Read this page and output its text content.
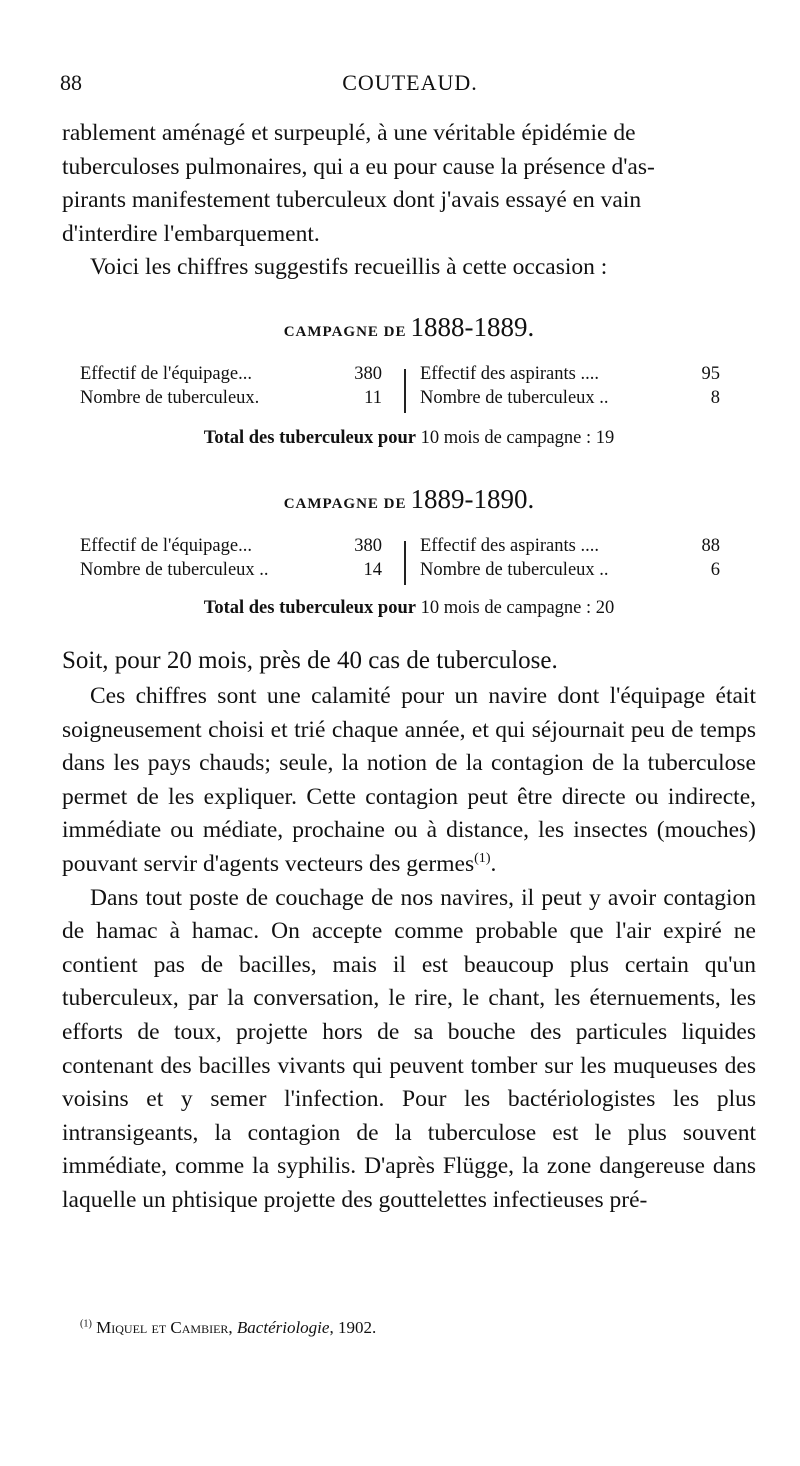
88	COUTEAUD.
rablement aménagé et surpeuplé, à une véritable épidémie de
tuberculoses pulmonaires, qui a eu pour cause la présence d'as-
pirants manifestement tuberculeux dont j'avais essayé en vain
d'interdire l'embarquement.
Voici les chiffres suggestifs recueillis à cette occasion :
CAMPAGNE DE 1888-1889.
Effectif de l'équipage...	380 Effectif des aspirants ....	95
Nombre de tuberculeux.	11 Nombre de tuberculeux ..	8
Total des tuberculeux pour 10 mois de campagne : 19
CAMPAGNE DE 1889-1890.
Effectif de l'équipage...	380 Effectif des aspirants ....	88
Nombre de tuberculeux ..	14 Nombre de tuberculeux ..	6
Total des tuberculeux pour 10 mois de campagne : 20
Soit, pour 20 mois, près de 40 cas de tuberculose.

Ces chiffres sont une calamité pour un navire dont l'équipage était soigneusement choisi et trié chaque année, et qui séjournait peu de temps dans les pays chauds; seule, la notion de la contagion de la tuberculose permet de les expliquer. Cette contagion peut être directe ou indirecte, immédiate ou médiate, prochaine ou à distance, les insectes (mouches) pouvant servir d'agents vecteurs des germes$^{(1)}$.

Dans tout poste de couchage de nos navires, il peut y avoir contagion de hamac à hamac. On accepte comme probable que l'air expiré ne contient pas de bacilles, mais il est beaucoup plus certain qu'un tuberculeux, par la conversation, le rire, le chant, les éternuements, les efforts de toux, projette hors de sa bouche des particules liquides contenant des bacilles vivants qui peuvent tomber sur les muqueuses des voisins et y semer l'infection. Pour les bactériologistes les plus intransigeants, la contagion de la tuberculose est le plus souvent immédiate, comme la syphilis. D'après Flügge, la zone dangereuse dans laquelle un phtisique projette des gouttelettes infectieuses pré-

$^{(1)}$ Miquel et Cambier, Bactériologie, 1902.
